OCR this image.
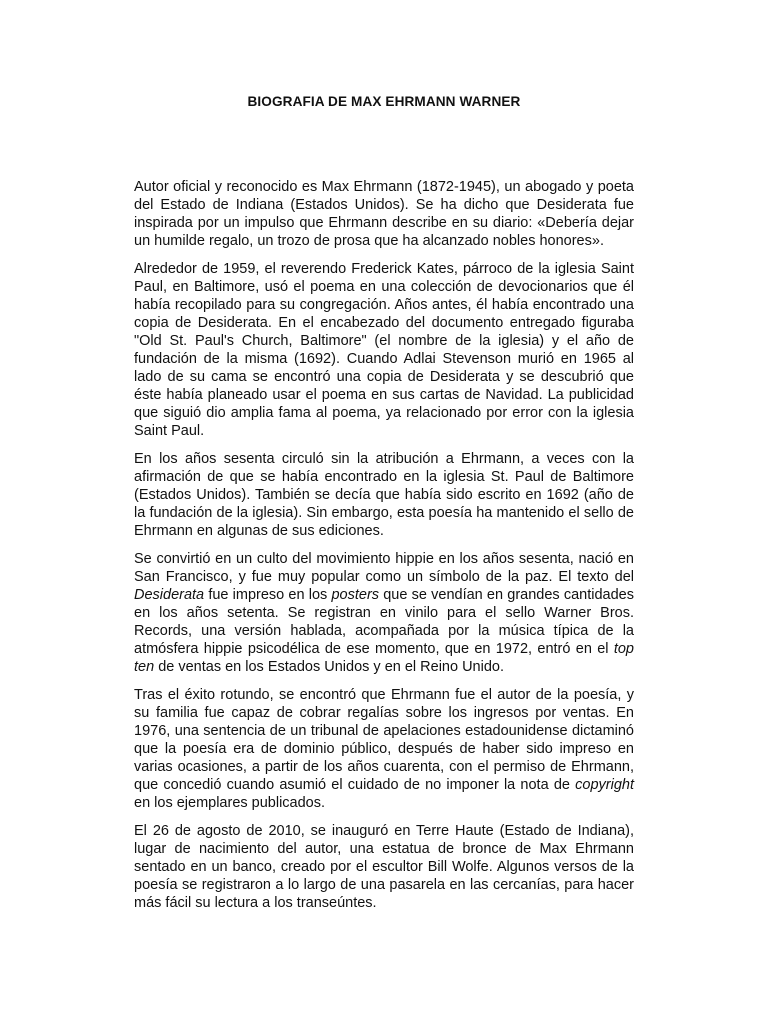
BIOGRAFIA DE MAX EHRMANN WARNER

Autor oficial y reconocido es Max Ehrmann (1872-1945), un abogado y poeta del Estado de Indiana (Estados Unidos). Se ha dicho que Desiderata fue inspirada por un impulso que Ehrmann describe en su diario: «Debería dejar un humilde regalo, un trozo de prosa que ha alcanzado nobles honores».

Alrededor de 1959, el reverendo Frederick Kates, párroco de la iglesia Saint Paul, en Baltimore, usó el poema en una colección de devocionarios que él había recopilado para su congregación. Años antes, él había encontrado una copia de Desiderata. En el encabezado del documento entregado figuraba "Old St. Paul's Church, Baltimore" (el nombre de la iglesia) y el año de fundación de la misma (1692). Cuando Adlai Stevenson murió en 1965 al lado de su cama se encontró una copia de Desiderata y se descubrió que éste había planeado usar el poema en sus cartas de Navidad. La publicidad que siguió dio amplia fama al poema, ya relacionado por error con la iglesia Saint Paul.

En los años sesenta circuló sin la atribución a Ehrmann, a veces con la afirmación de que se había encontrado en la iglesia St. Paul de Baltimore (Estados Unidos). También se decía que había sido escrito en 1692 (año de la fundación de la iglesia). Sin embargo, esta poesía ha mantenido el sello de Ehrmann en algunas de sus ediciones.

Se convirtió en un culto del movimiento hippie en los años sesenta, nació en San Francisco, y fue muy popular como un símbolo de la paz. El texto del Desiderata fue impreso en los posters que se vendían en grandes cantidades en los años setenta. Se registran en vinilo para el sello Warner Bros. Records, una versión hablada, acompañada por la música típica de la atmósfera hippie psicodélica de ese momento, que en 1972, entró en el top ten de ventas en los Estados Unidos y en el Reino Unido.

Tras el éxito rotundo, se encontró que Ehrmann fue el autor de la poesía, y su familia fue capaz de cobrar regalías sobre los ingresos por ventas. En 1976, una sentencia de un tribunal de apelaciones estadounidense dictaminó que la poesía era de dominio público, después de haber sido impreso en varias ocasiones, a partir de los años cuarenta, con el permiso de Ehrmann, que concedió cuando asumió el cuidado de no imponer la nota de copyright en los ejemplares publicados.

El 26 de agosto de 2010, se inauguró en Terre Haute (Estado de Indiana), lugar de nacimiento del autor, una estatua de bronce de Max Ehrmann sentado en un banco, creado por el escultor Bill Wolfe. Algunos versos de la poesía se registraron a lo largo de una pasarela en las cercanías, para hacer más fácil su lectura a los transeúntes.
